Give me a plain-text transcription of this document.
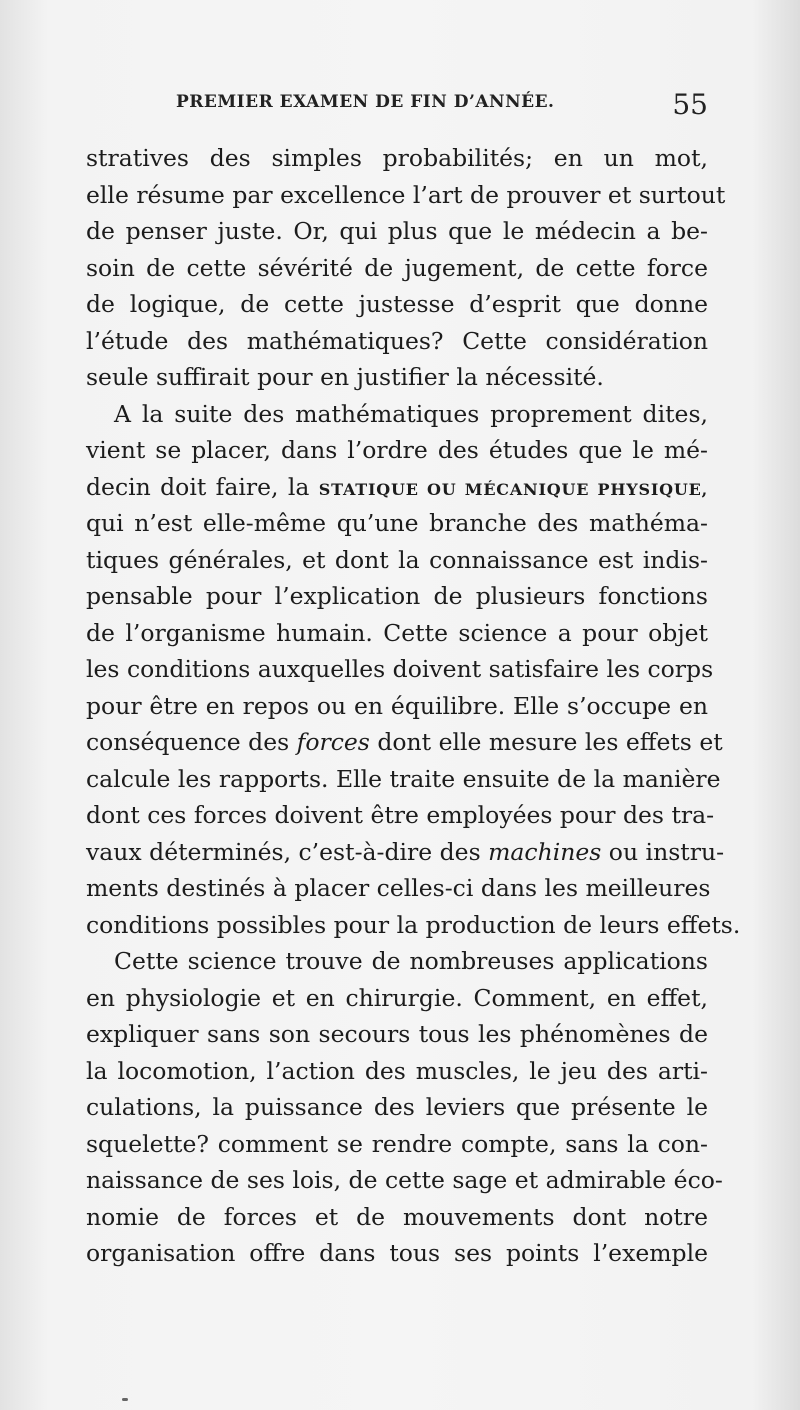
PREMIER EXAMEN DE FIN D’ANNÉE.	55
stratives des simples probabilités; en un mot,
elle résume par excellence l’art de prouver et surtout
de penser juste. Or, qui plus que le médecin a be-
soin de cette sévérité de jugement, de cette force
de logique, de cette justesse d’esprit que donne
l’étude des mathématiques? Cette considération
seule suffirait pour en justifier la nécessité.
A la suite des mathématiques proprement dites,
vient se placer, dans l’ordre des études que le mé-
decin doit faire, la STATIQUE OU MÉCANIQUE PHYSIQUE,
qui n’est elle-même qu’une branche des mathéma-
tiques générales, et dont la connaissance est indis-
pensable pour l’explication de plusieurs fonctions
de l’organisme humain. Cette science a pour objet
les conditions auxquelles doivent satisfaire les corps
pour être en repos ou en équilibre. Elle s’occupe en
conséquence des forces dont elle mesure les effets et
calcule les rapports. Elle traite ensuite de la manière
dont ces forces doivent être employées pour des tra-
vaux déterminés, c’est-à-dire des machines ou instru-
ments destinés à placer celles-ci dans les meilleures
conditions possibles pour la production de leurs effets.
Cette science trouve de nombreuses applications
en physiologie et en chirurgie. Comment, en effet,
expliquer sans son secours tous les phénomènes de
la locomotion, l’action des muscles, le jeu des arti-
culations, la puissance des leviers que présente le
squelette? comment se rendre compte, sans la con-
naissance de ses lois, de cette sage et admirable éco-
nomie de forces et de mouvements dont notre
organisation offre dans tous ses points l’exemple
